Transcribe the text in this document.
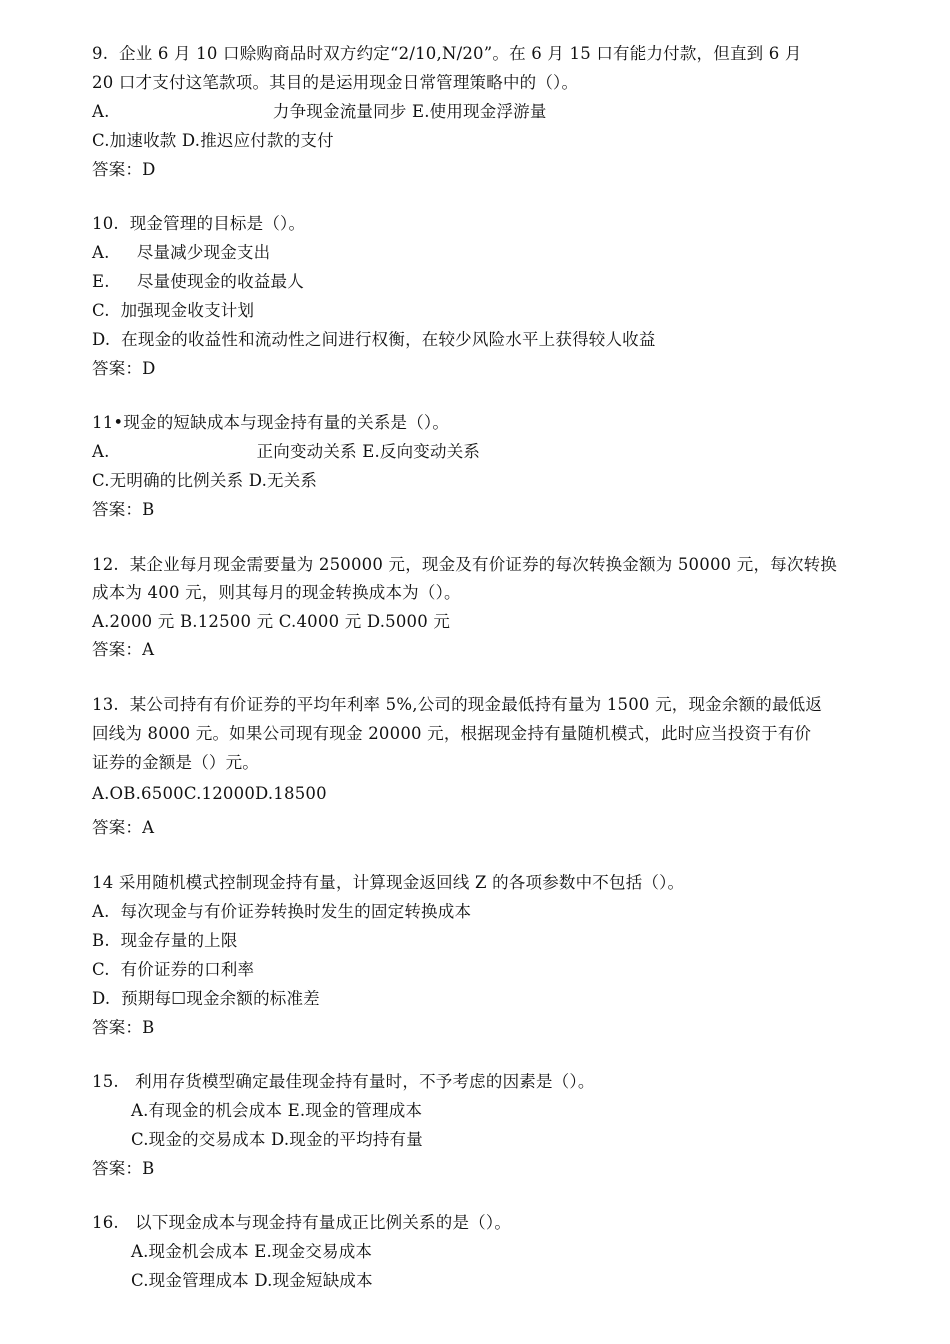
9.  企业 6 月 10 口赊购商品时双方约定“2/10,N/20”。在 6 月 15 口有能力付款，但直到 6 月
20 口才支付这笔款项。其目的是运用现金日常管理策略中的（）。
A.                              力争现金流量同步 E.使用现金浮游量
C.加速收款 D.推迟应付款的支付
答案：D
10.  现金管理的目标是（）。
A.     尽量减少现金支出
E.     尽量使现金的收益最人
C.  加强现金收支计划
D.  在现金的收益性和流动性之间进行权衡，在较少风险水平上获得较人收益
答案：D
11•现金的短缺成本与现金持有量的关系是（）。
A.                           正向变动关系 E.反向变动关系
C.无明确的比例关系 D.无关系
答案：B
12.  某企业每月现金需要量为 250000 元，现金及有价证券的每次转换金额为 50000 元，每次转换
成本为 400 元，则其每月的现金转换成本为（）。
A.2000 元 B.12500 元 C.4000 元 D.5000 元
答案：A
13.  某公司持有有价证券的平均年利率 5%,公司的现金最低持有量为 1500 元，现金余额的最低返
回线为 8000 元。如果公司现有现金 20000 元，根据现金持有量随机模式，此时应当投资于有价
证券的金额是（）元。
A.OB.6500C.12000D.18500
答案：A
14 采用随机模式控制现金持有量，计算现金返回线 Z 的各项参数中不包括（）。
A.  每次现金与有价证券转换时发生的固定转换成本
B.  现金存量的上限
C.  有价证券的口利率
D.  预期每☐现金余额的标准差
答案：B
15.   利用存货模型确定最佳现金持有量时，不予考虑的因素是（）。
A.有现金的机会成本 E.现金的管理成本
C.现金的交易成本 D.现金的平均持有量
答案：B
16.   以下现金成本与现金持有量成正比例关系的是（）。
A.现金机会成本 E.现金交易成本
C.现金管理成本 D.现金短缺成本
